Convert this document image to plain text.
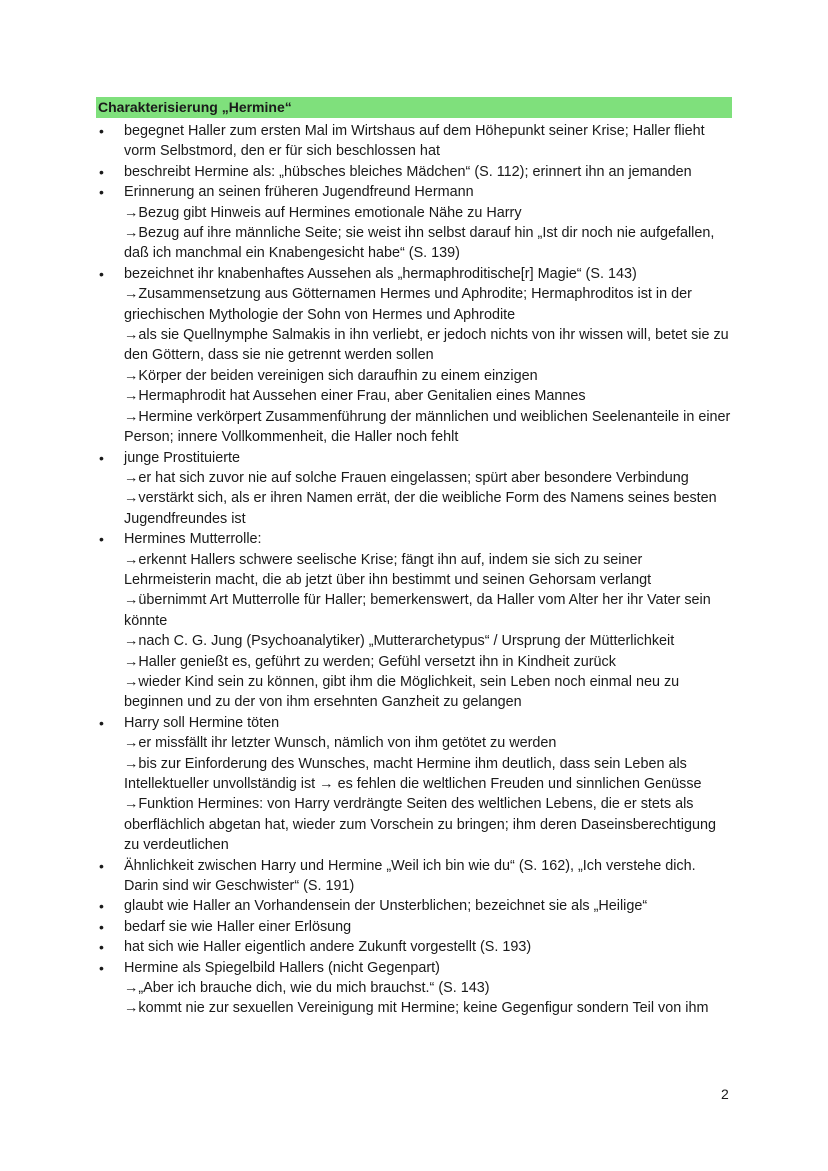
Charakterisierung „Hermine“
• begegnet Haller zum ersten Mal im Wirtshaus auf dem Höhepunkt seiner Krise; Haller flieht vorm Selbstmord, den er für sich beschlossen hat
• beschreibt Hermine als: „hübsches bleiches Mädchen“ (S. 112); erinnert ihn an jemanden
• Erinnerung an seinen früheren Jugendfreund Hermann
→ Bezug gibt Hinweis auf Hermines emotionale Nähe zu Harry
→ Bezug auf ihre männliche Seite; sie weist ihn selbst darauf hin „Ist dir noch nie aufgefallen, daß ich manchmal ein Knabengesicht habe“ (S. 139)
• bezeichnet ihr knabenhaftes Aussehen als „hermaphroditische[r] Magie“ (S. 143)
→ Zusammensetzung aus Götternamen Hermes und Aphrodite; Hermaphroditos ist in der griechischen Mythologie der Sohn von Hermes und Aphrodite
→ als sie Quellnymphe Salmakis in ihn verliebt, er jedoch nichts von ihr wissen will, betet sie zu den Göttern, dass sie nie getrennt werden sollen
→ Körper der beiden vereinigen sich daraufhin zu einem einzigen
→ Hermaphrodit hat Aussehen einer Frau, aber Genitalien eines Mannes
→ Hermine verkörpert Zusammenführung der männlichen und weiblichen Seelenanteile in einer Person; innere Vollkommenheit, die Haller noch fehlt
• junge Prostituierte
→ er hat sich zuvor nie auf solche Frauen eingelassen; spürt aber besondere Verbindung
→ verstärkt sich, als er ihren Namen errät, der die weibliche Form des Namens seines besten Jugendfreundes ist
• Hermines Mutterrolle:
→ erkennt Hallers schwere seelische Krise; fängt ihn auf, indem sie sich zu seiner Lehrmeisterin macht, die ab jetzt über ihn bestimmt und seinen Gehorsam verlangt
→ übernimmt Art Mutterrolle für Haller; bemerkenswert, da Haller vom Alter her ihr Vater sein könnte
→ nach C. G. Jung (Psychoanalytiker) „Mutterarchetypus“ / Ursprung der Mütterlichkeit
→ Haller genießt es, geführt zu werden; Gefühl versetzt ihn in Kindheit zurück
→ wieder Kind sein zu können, gibt ihm die Möglichkeit, sein Leben noch einmal neu zu beginnen und zu der von ihm ersehnten Ganzheit zu gelangen
• Harry soll Hermine töten
→ er missfällt ihr letzter Wunsch, nämlich von ihm getötet zu werden
→ bis zur Einforderung des Wunsches, macht Hermine ihm deutlich, dass sein Leben als Intellektueller unvollständig ist → es fehlen die weltlichen Freuden und sinnlichen Genüsse
→ Funktion Hermines: von Harry verdrängte Seiten des weltlichen Lebens, die er stets als oberflächlich abgetan hat, wieder zum Vorschein zu bringen; ihm deren Daseinsberechtigung zu verdeutlichen
• Ähnlichkeit zwischen Harry und Hermine „Weil ich bin wie du“ (S. 162), „Ich verstehe dich. Darin sind wir Geschwister“ (S. 191)
• glaubt wie Haller an Vorhandensein der Unsterblichen; bezeichnet sie als „Heilige“
• bedarf sie wie Haller einer Erlösung
• hat sich wie Haller eigentlich andere Zukunft vorgestellt (S. 193)
• Hermine als Spiegelbild Hallers (nicht Gegenpart)
→ „Aber ich brauche dich, wie du mich brauchst.“ (S. 143)
→ kommt nie zur sexuellen Vereinigung mit Hermine; keine Gegenfigur sondern Teil von ihm
2
